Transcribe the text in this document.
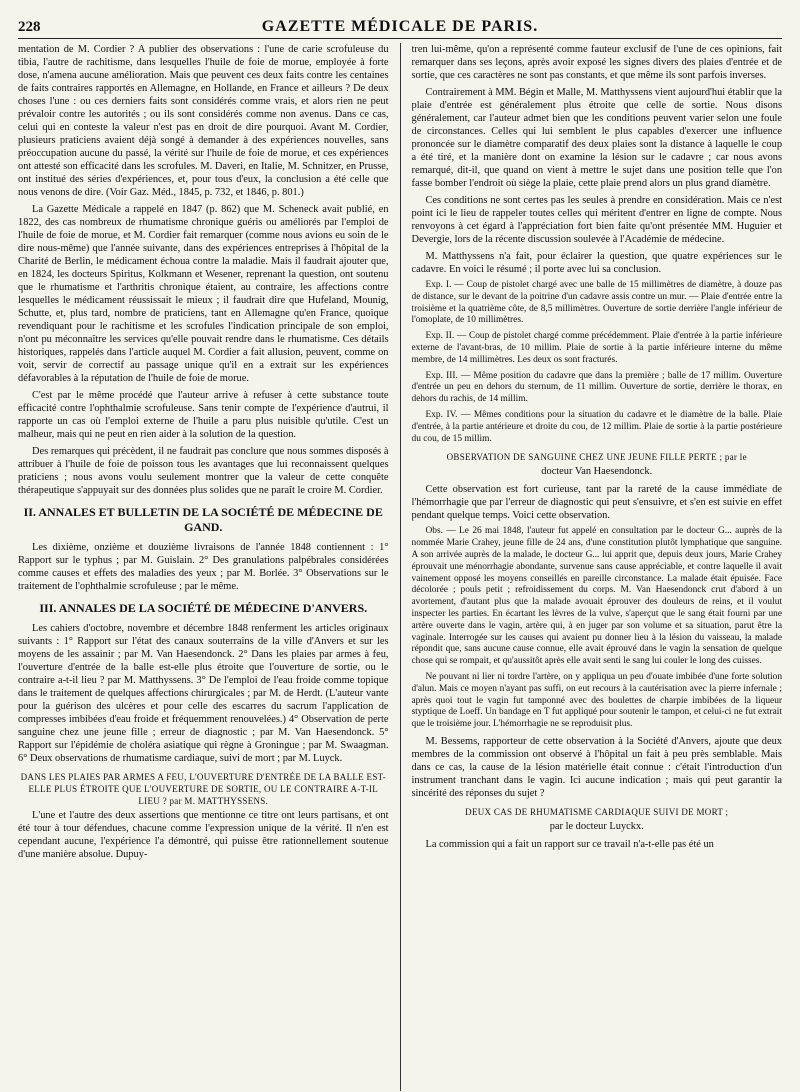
228	GAZETTE MÉDICALE DE PARIS.

mentation de M. Cordier ? A publier des observations : l'une de carie scrofuleuse du tibia, l'autre de rachitisme, dans lesquelles l'huile de foie de morue, employée à forte dose, n'amena aucune amélioration. Mais que peuvent ces deux faits contre les centaines de faits contraires rapportés en Allemagne, en Hollande, en France et ailleurs ? De deux choses l'une : ou ces derniers faits sont considérés comme vrais, et alors rien ne peut prévaloir contre les autorités ; ou ils sont considérés comme non avenus. Dans ce cas, celui qui en conteste la valeur n'est pas en droit de dire pourquoi. Avant M. Cordier, plusieurs praticiens avaient déjà songé à demander à des expériences nouvelles, sans préoccupation aucune du passé, la vérité sur l'huile de foie de morue, et ces expériences ont attesté son efficacité dans les scrofules. M. Daveri, en Italie, M. Schnitzer, en Prusse, ont institué des séries d'expériences, et, pour tous d'eux, la conclusion a été celle que nous venons de dire. (Voir Gaz. Méd., 1845, p. 732, et 1846, p. 801.)

La Gazette Médicale a rappelé en 1847 (p. 862) que M. Scheneck avait publié, en 1822, des cas nombreux de rhumatisme chronique guéris ou améliorés par l'emploi de l'huile de foie de morue, et M. Cordier fait remarquer (comme nous avions eu soin de le dire nous-même) que l'année suivante, dans des expériences entreprises à l'hôpital de la Charité de Berlin, le médicament échoua contre la maladie. Mais il faudrait ajouter que, en 1824, les docteurs Spiritus, Kolkmann et Wesener, reprenant la question, ont soutenu que le rhumatisme et l'arthritis chronique étaient, au contraire, les affections contre lesquelles le médicament réussissait le mieux ; il faudrait dire que Hufeland, Mounig, Schutte, et, plus tard, nombre de praticiens, tant en Allemagne qu'en France, quoique revendiquant pour le rachitisme et les scrofules l'indication principale de son emploi, n'ont pu méconnaître les services qu'elle pouvait rendre dans le rhumatisme. Ces détails historiques, rappelés dans l'article auquel M. Cordier a fait allusion, peuvent, comme on voit, servir de correctif au passage unique qu'il en a extrait sur les expériences défavorables à la réputation de l'huile de foie de morue.

C'est par le même procédé que l'auteur arrive à refuser à cette substance toute efficacité contre l'ophthalmie scrofuleuse. Sans tenir compte de l'expérience d'autrui, il rapporte un cas où l'emploi externe de l'huile a paru plus nuisible qu'utile. C'est un malheur, mais qui ne peut en rien aider à la solution de la question.

Des remarques qui précèdent, il ne faudrait pas conclure que nous sommes disposés à attribuer à l'huile de foie de poisson tous les avantages que lui reconnaissent quelques praticiens ; nous avons voulu seulement montrer que la valeur de cette conquête thérapeutique s'appuyait sur des données plus solides que ne paraît le croire M. Cordier.

II. ANNALES ET BULLETIN DE LA SOCIÉTÉ DE MÉDECINE DE GAND.

Les dixième, onzième et douzième livraisons de l'année 1848 contiennent : 1° Rapport sur le typhus ; par M. Guislain. 2° Des granulations palpébrales considérées comme causes et effets des maladies des yeux ; par M. Borlée. 3° Observations sur le traitement de l'ophthalmie scrofuleuse ; par le même.

III. ANNALES DE LA SOCIÉTÉ DE MÉDECINE D'ANVERS.

Les cahiers d'octobre, novembre et décembre 1848 renferment les articles originaux suivants : 1° Rapport sur l'état des canaux souterrains de la ville d'Anvers et sur les moyens de les assainir ; par M. Van Haesendonck. 2° Dans les plaies par armes à feu, l'ouverture d'entrée de la balle est-elle plus étroite que l'ouverture de sortie, ou le contraire a-t-il lieu ? par M. Matthyssens. 3° De l'emploi de l'eau froide comme topique dans le traitement de quelques affections chirurgicales ; par M. de Herdt. (L'auteur vante pour la guérison des ulcères et pour celle des escarres du sacrum l'application de compresses imbibées d'eau froide et fréquemment renouvelées.) 4° Observation de perte sanguine chez une jeune fille ; erreur de diagnostic ; par M. Van Haesendonck. 5° Rapport sur l'épidémie de choléra asiatique qui règne à Groningue ; par M. Swaagman. 6° Deux observations de rhumatisme cardiaque, suivi de mort ; par M. Luyck.

DANS LES PLAIES PAR ARMES A FEU, L'OUVERTURE D'ENTRÉE DE LA BALLE EST-ELLE PLUS ÉTROITE QUE L'OUVERTURE DE SORTIE, OU LE CONTRAIRE A-T-IL LIEU ? par M. MATTHYSSENS.

L'une et l'autre des deux assertions que mentionne ce titre ont leurs partisans, et ont été tour à tour défendues, chacune comme l'expression unique de la vérité. Il n'en est cependant aucune, l'expérience l'a démontré, qui puisse être rationnellement soutenue d'une manière absolue. Dupuy-

tren lui-même, qu'on a représenté comme fauteur exclusif de l'une de ces opinions, fait remarquer dans ses leçons, après avoir exposé les signes divers des plaies d'entrée et de sortie, que ces caractères ne sont pas constants, et que même ils sont parfois inverses.

Contrairement à MM. Bégin et Malle, M. Matthyssens vient aujourd'hui établir que la plaie d'entrée est généralement plus étroite que celle de sortie. Nous disons généralement, car l'auteur admet bien que les conditions peuvent varier selon une foule de circonstances. Celles qui lui semblent le plus capables d'exercer une influence prononcée sur le diamètre comparatif des deux plaies sont la distance à laquelle le coup a été tiré, et la manière dont on examine la lésion sur le cadavre ; car nous avons remarqué, dit-il, que quand on vient à mettre le sujet dans une position telle que l'on fasse bomber l'endroit où siège la plaie, cette plaie prend alors un plus grand diamètre.

Ces conditions ne sont certes pas les seules à prendre en considération. Mais ce n'est point ici le lieu de rappeler toutes celles qui méritent d'entrer en ligne de compte. Nous renvoyons à cet égard à l'appréciation fort bien faite qu'ont présentée MM. Huguier et Devergie, lors de la récente discussion soulevée à l'Académie de médecine.

M. Matthyssens n'a fait, pour éclairer la question, que quatre expériences sur le cadavre. En voici le résumé ; il porte avec lui sa conclusion.

Exp. I. — Coup de pistolet chargé avec une balle de 15 millimètres de diamètre, à douze pas de distance, sur le devant de la poitrine d'un cadavre assis contre un mur. — Plaie d'entrée entre la troisième et la quatrième côte, de 8,5 millimètres. Ouverture de sortie derrière l'angle inférieur de l'omoplate, de 10 millimètres.

Exp. II. — Coup de pistolet chargé comme précédemment. Plaie d'entrée à la partie inférieure externe de l'avant-bras, de 10 millim. Plaie de sortie à la partie inférieure interne du même membre, de 14 millimètres. Les deux os sont fracturés.

Exp. III. — Même position du cadavre que dans la première ; balle de 17 millim. Ouverture d'entrée un peu en dehors du sternum, de 11 millim. Ouverture de sortie, derrière le thorax, en dehors du rachis, de 14 millim.

Exp. IV. — Mêmes conditions pour la situation du cadavre et le diamètre de la balle. Plaie d'entrée, à la partie antérieure et droite du cou, de 12 millim. Plaie de sortie à la partie postérieure du cou, de 15 millim.

OBSERVATION DE SANGUINE CHEZ UNE JEUNE FILLE PERTE ; par le
docteur Van Haesendonck.

Cette observation est fort curieuse, tant par la rareté de la cause immédiate de l'hémorrhagie que par l'erreur de diagnostic qui peut s'ensuivre, et s'en est suivie en effet pendant quelque temps. Voici cette observation.

Obs. — Le 26 mai 1848, l'auteur fut appelé en consultation par le docteur G... auprès de la nommée Marie Crahey, jeune fille de 24 ans, d'une constitution plutôt lymphatique que sanguine. A son arrivée auprès de la malade, le docteur G... lui apprit que, depuis deux jours, Marie Crahey éprouvait une ménorrhagie abondante, survenue sans cause appréciable, et contre laquelle il avait vainement opposé les moyens conseillés en pareille circonstance. La malade était épuisée. Face décolorée ; pouls petit ; refroidissement du corps. M. Van Haesendonck crut d'abord à un avortement, d'autant plus que la malade avouait éprouver des douleurs de reins, et il voulut inspecter les parties. En écartant les lèvres de la vulve, s'aperçut que le sang était fourni par une artère ouverte dans le vagin, artère qui, à en juger par son volume et sa situation, parut être la vaginale. Interrogée sur les causes qui avaient pu donner lieu à la lésion du vaisseau, la malade répondit que, sans aucune cause connue, elle avait éprouvé dans le vagin la sensation de quelque chose qui se rompait, et qu'aussitôt après elle avait senti le sang lui couler le long des cuisses.

Ne pouvant ni lier ni tordre l'artère, on y appliqua un peu d'ouate imbibée d'une forte solution d'alun. Mais ce moyen n'ayant pas suffi, on eut recours à la cautérisation avec la pierre infernale ; après quoi tout le vagin fut tamponné avec des boulettes de charpie imbibées de la liqueur styptique de Loeff. Un bandage en T fut appliqué pour soutenir le tampon, et celui-ci ne fut extrait que le troisième jour. L'hémorrhagie ne se reproduisit plus.

M. Bessems, rapporteur de cette observation à la Société d'Anvers, ajoute que deux membres de la commission ont observé à l'hôpital un fait à peu près semblable. Mais dans ce cas, la cause de la lésion matérielle était connue : c'était l'introduction d'un instrument tranchant dans le vagin. Ici aucune indication ; mais qui peut garantir la sincérité des réponses du sujet ?

DEUX CAS DE RHUMATISME CARDIAQUE SUIVI DE MORT ;
par le docteur Luyckx.

La commission qui a fait un rapport sur ce travail n'a-t-elle pas été un
